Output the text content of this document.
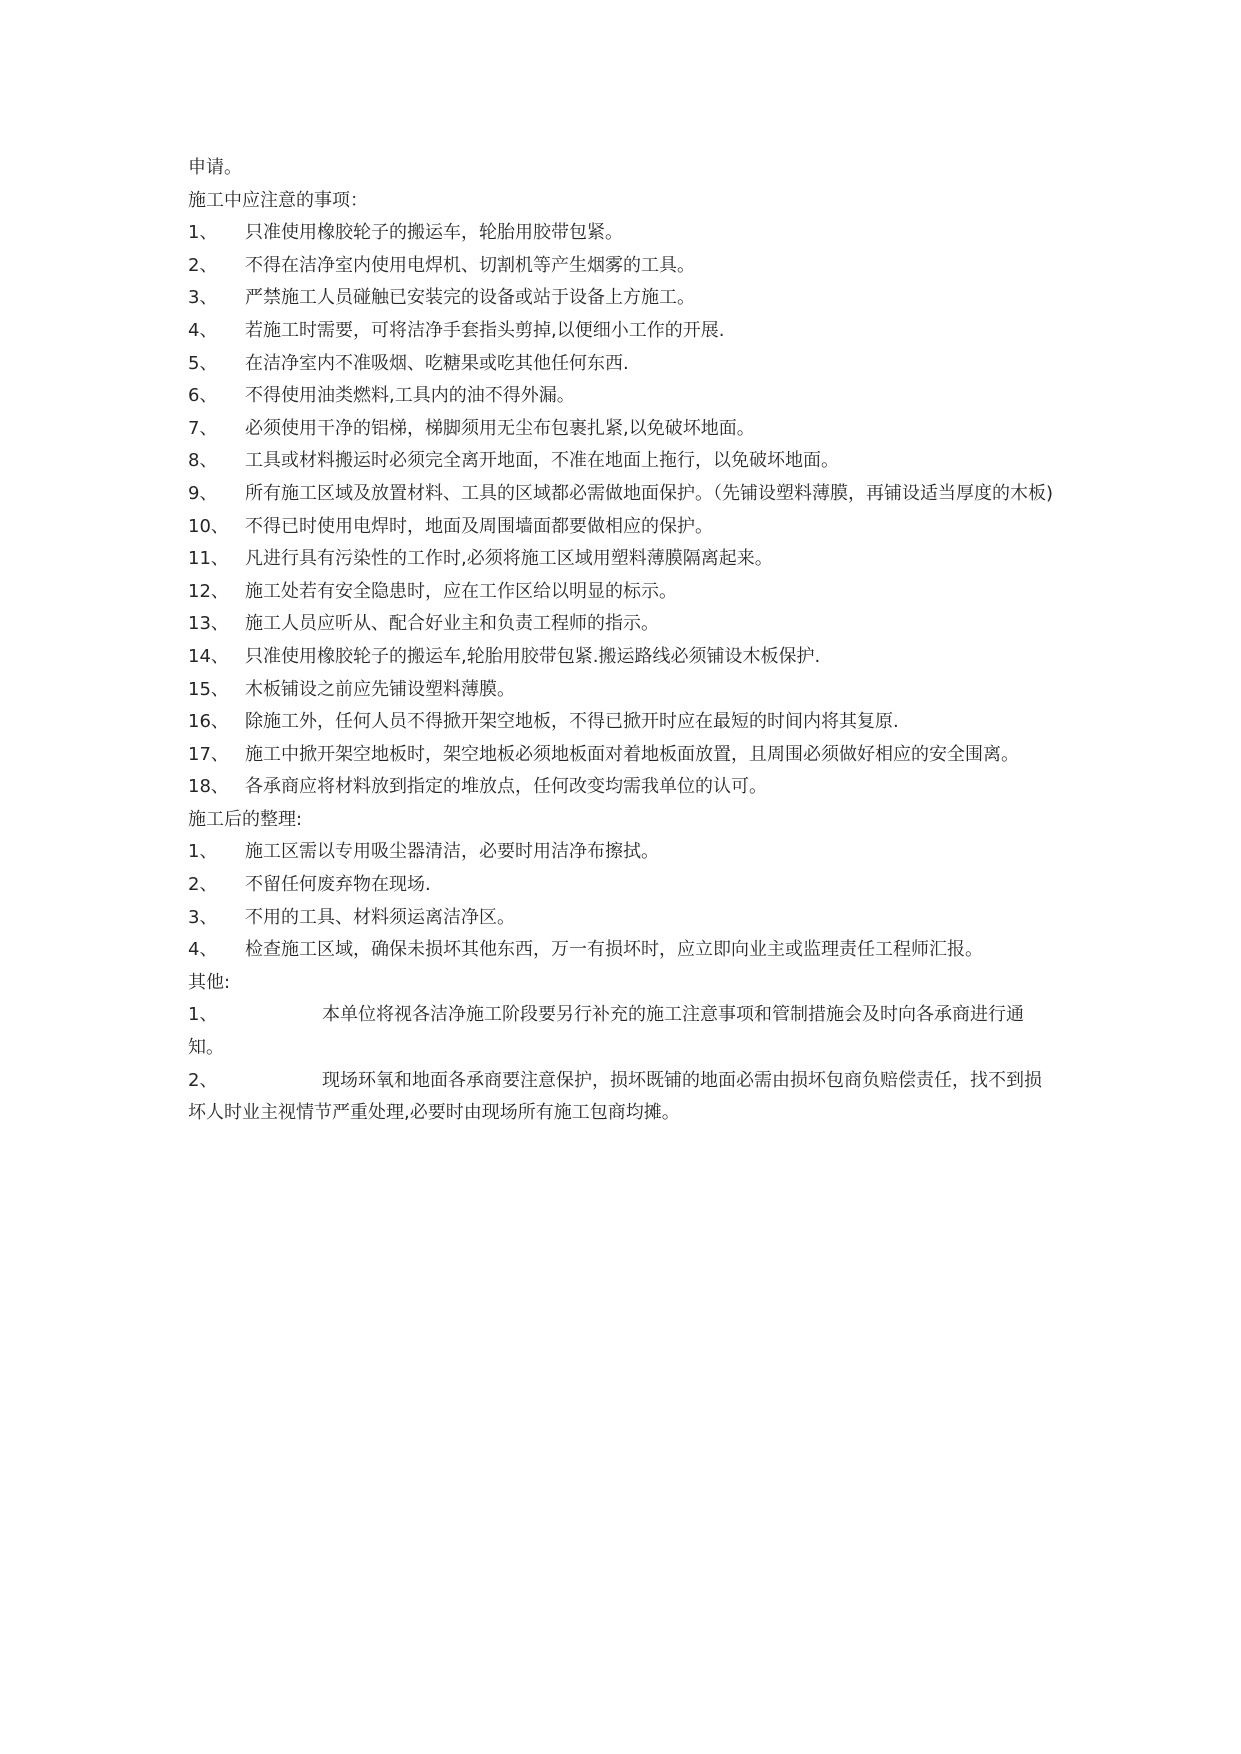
申请。

施工中应注意的事项：

1、 只准使用橡胶轮子的搬运车，轮胎用胶带包紧。

2、 不得在洁净室内使用电焊机、切割机等产生烟雾的工具。

3、 严禁施工人员碰触已安装完的设备或站于设备上方施工。

4、 若施工时需要，可将洁净手套指头剪掉,以便细小工作的开展.

5、 在洁净室内不准吸烟、吃糖果或吃其他任何东西.

6、 不得使用油类燃料,工具内的油不得外漏。

7、 必须使用干净的铝梯，梯脚须用无尘布包裹扎紧,以免破坏地面。

8、 工具或材料搬运时必须完全离开地面，不准在地面上拖行，以免破坏地面。

9、 所有施工区域及放置材料、工具的区域都必需做地面保护。（先铺设塑料薄膜，再铺设适当厚度的木板)

10、 不得已时使用电焊时，地面及周围墙面都要做相应的保护。

11、 凡进行具有污染性的工作时,必须将施工区域用塑料薄膜隔离起来。

12、 施工处若有安全隐患时，应在工作区给以明显的标示。

13、 施工人员应听从、配合好业主和负责工程师的指示。

14、 只准使用橡胶轮子的搬运车,轮胎用胶带包紧.搬运路线必须铺设木板保护.

15、 木板铺设之前应先铺设塑料薄膜。

16、 除施工外，任何人员不得掀开架空地板，不得已掀开时应在最短的时间内将其复原.

17、 施工中掀开架空地板时，架空地板必须地板面对着地板面放置，且周围必须做好相应的安全围离。

18、 各承商应将材料放到指定的堆放点，任何改变均需我单位的认可。

施工后的整理:

1、 施工区需以专用吸尘器清洁，必要时用洁净布擦拭。

2、 不留任何废弃物在现场.

3、 不用的工具、材料须运离洁净区。

4、 检查施工区域，确保未损坏其他东西，万一有损坏时，应立即向业主或监理责任工程师汇报。

其他:

1、	本单位将视各洁净施工阶段要另行补充的施工注意事项和管制措施会及时向各承商进行通知。

2、	现场环氧和地面各承商要注意保护，损坏既铺的地面必需由损坏包商负赔偿责任，找不到损坏人时业主视情节严重处理,必要时由现场所有施工包商均摊。
